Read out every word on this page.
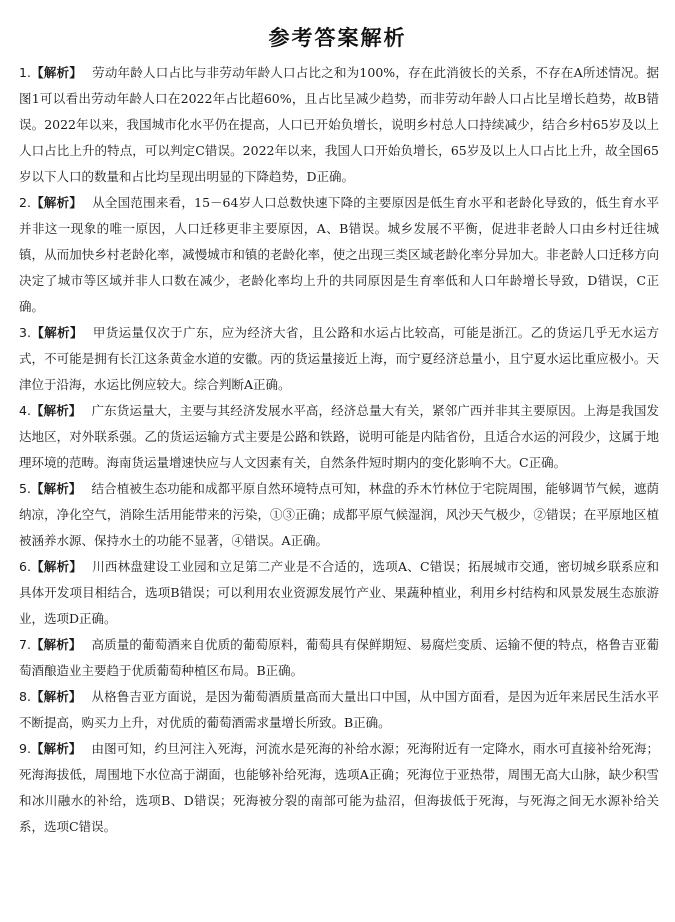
参考答案解析

1.【解析】 劳动年龄人口占比与非劳动年龄人口占比之和为100%，存在此消彼长的关系，不存在A所述情况。据图1可以看出劳动年龄人口在2022年占比超60%，且占比呈减少趋势，而非劳动年龄人口占比呈增长趋势，故B错误。2022年以来，我国城市化水平仍在提高，人口已开始负增长，说明乡村总人口持续减少，结合乡村65岁及以上人口占比上升的特点，可以判定C错误。2022年以来，我国人口开始负增长，65岁及以上人口占比上升，故全国65岁以下人口的数量和占比均呈现出明显的下降趋势，D正确。

2.【解析】 从全国范围来看，15－64岁人口总数快速下降的主要原因是低生育水平和老龄化导致的，低生育水平并非这一现象的唯一原因，人口迁移更非主要原因，A、B错误。城乡发展不平衡，促进非老龄人口由乡村迁往城镇，从而加快乡村老龄化率，减慢城市和镇的老龄化率，使之出现三类区域老龄化率分异加大。非老龄人口迁移方向决定了城市等区域并非人口数在减少，老龄化率均上升的共同原因是生育率低和人口年龄增长导致，D错误，C正确。

3.【解析】 甲货运量仅次于广东，应为经济大省，且公路和水运占比较高，可能是浙江。乙的货运几乎无水运方式，不可能是拥有长江这条黄金水道的安徽。丙的货运量接近上海，而宁夏经济总量小，且宁夏水运比重应极小。天津位于沿海，水运比例应较大。综合判断A正确。

4.【解析】 广东货运量大，主要与其经济发展水平高，经济总量大有关，紧邻广西并非其主要原因。上海是我国发达地区，对外联系强。乙的货运运输方式主要是公路和铁路，说明可能是内陆省份，且适合水运的河段少，这属于地理环境的范畴。海南货运量增速快应与人文因素有关，自然条件短时期内的变化影响不大。C正确。

5.【解析】 结合植被生态功能和成都平原自然环境特点可知，林盘的乔木竹林位于宅院周围，能够调节气候，遮荫纳凉，净化空气，消除生活用能带来的污染，①③正确；成都平原气候湿润，风沙天气极少，②错误；在平原地区植被涵养水源、保持水土的功能不显著，④错误。A正确。

6.【解析】 川西林盘建设工业园和立足第二产业是不合适的，选项A、C错误；拓展城市交通，密切城乡联系应和具体开发项目相结合，选项B错误；可以利用农业资源发展竹产业、果蔬种植业，利用乡村结构和风景发展生态旅游业，选项D正确。

7.【解析】 高质量的葡萄酒来自优质的葡萄原料，葡萄具有保鲜期短、易腐烂变质、运输不便的特点，格鲁吉亚葡萄酒酿造业主要趋于优质葡萄种植区布局。B正确。

8.【解析】 从格鲁吉亚方面说，是因为葡萄酒质量高而大量出口中国，从中国方面看，是因为近年来居民生活水平不断提高，购买力上升，对优质的葡萄酒需求量增长所致。B正确。

9.【解析】 由图可知，约旦河注入死海，河流水是死海的补给水源；死海附近有一定降水，雨水可直接补给死海；死海海拔低，周围地下水位高于湖面，也能够补给死海，选项A正确；死海位于亚热带，周围无高大山脉，缺少积雪和冰川融水的补给，选项B、D错误；死海被分裂的南部可能为盐沼，但海拔低于死海，与死海之间无水源补给关系，选项C错误。
